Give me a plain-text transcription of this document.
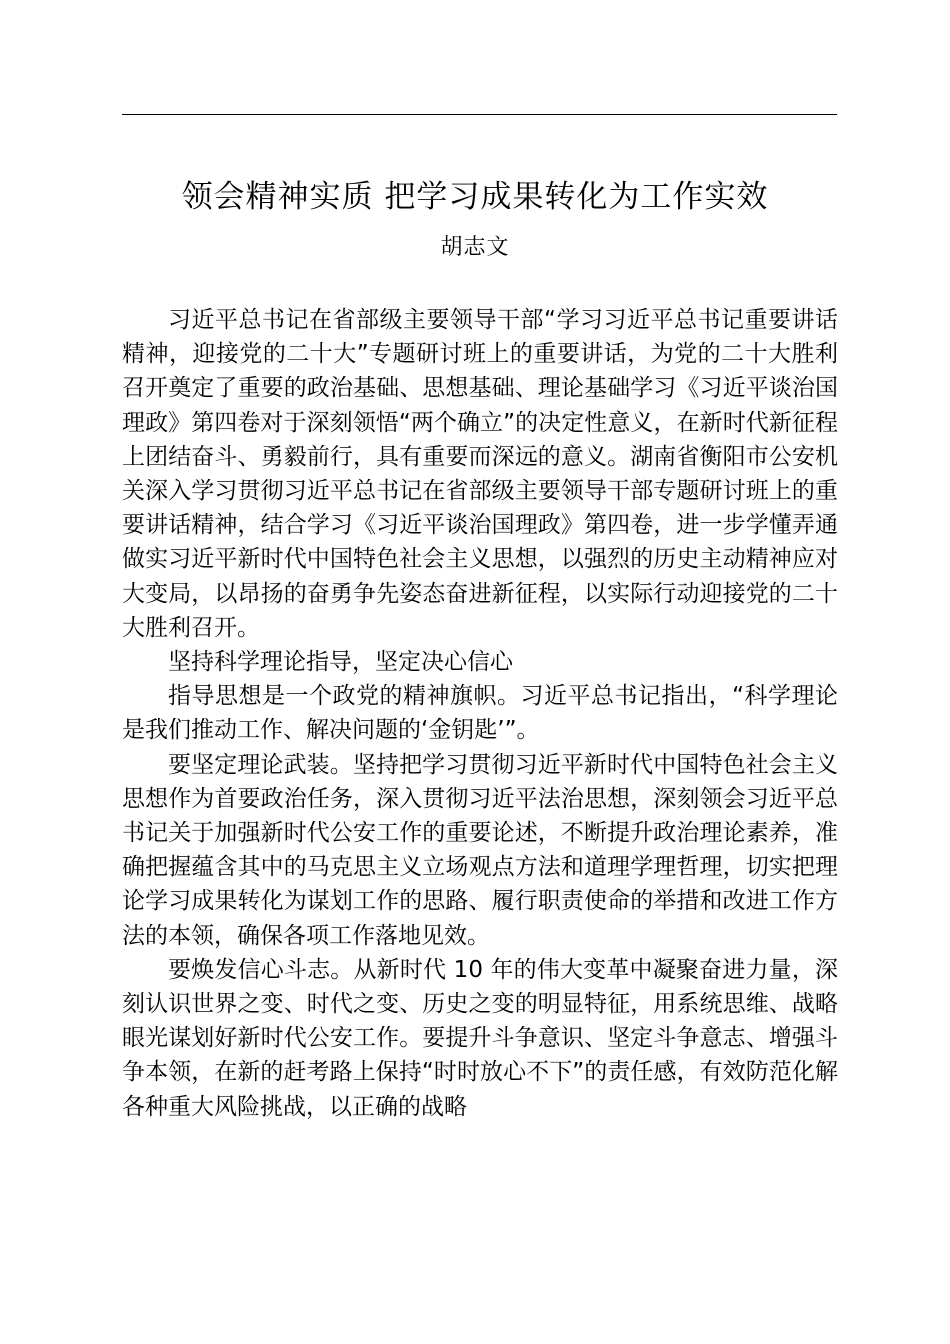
领会精神实质 把学习成果转化为工作实效
胡志文

习近平总书记在省部级主要领导干部“学习习近平总书记重要讲话精神，迎接党的二十大”专题研讨班上的重要讲话，为党的二十大胜利召开奠定了重要的政治基础、思想基础、理论基础学习《习近平谈治国理政》第四卷对于深刻领悟“两个确立”的决定性意义，在新时代新征程上团结奋斗、勇毅前行，具有重要而深远的意义。湖南省衡阳市公安机关深入学习贯彻习近平总书记在省部级主要领导干部专题研讨班上的重要讲话精神，结合学习《习近平谈治国理政》第四卷，进一步学懂弄通做实习近平新时代中国特色社会主义思想，以强烈的历史主动精神应对大变局，以昂扬的奋勇争先姿态奋进新征程，以实际行动迎接党的二十大胜利召开。

坚持科学理论指导，坚定决心信心

指导思想是一个政党的精神旗帜。习近平总书记指出，“科学理论是我们推动工作、解决问题的‘金钥匙’”。

要坚定理论武装。坚持把学习贯彻习近平新时代中国特色社会主义思想作为首要政治任务，深入贯彻习近平法治思想，深刻领会习近平总书记关于加强新时代公安工作的重要论述，不断提升政治理论素养，准确把握蕴含其中的马克思主义立场观点方法和道理学理哲理，切实把理论学习成果转化为谋划工作的思路、履行职责使命的举措和改进工作方法的本领，确保各项工作落地见效。

要焕发信心斗志。从新时代 10 年的伟大变革中凝聚奋进力量，深刻认识世界之变、时代之变、历史之变的明显特征，用系统思维、战略眼光谋划好新时代公安工作。要提升斗争意识、坚定斗争意志、增强斗争本领，在新的赶考路上保持“时时放心不下”的责任感，有效防范化解各种重大风险挑战，以正确的战略
